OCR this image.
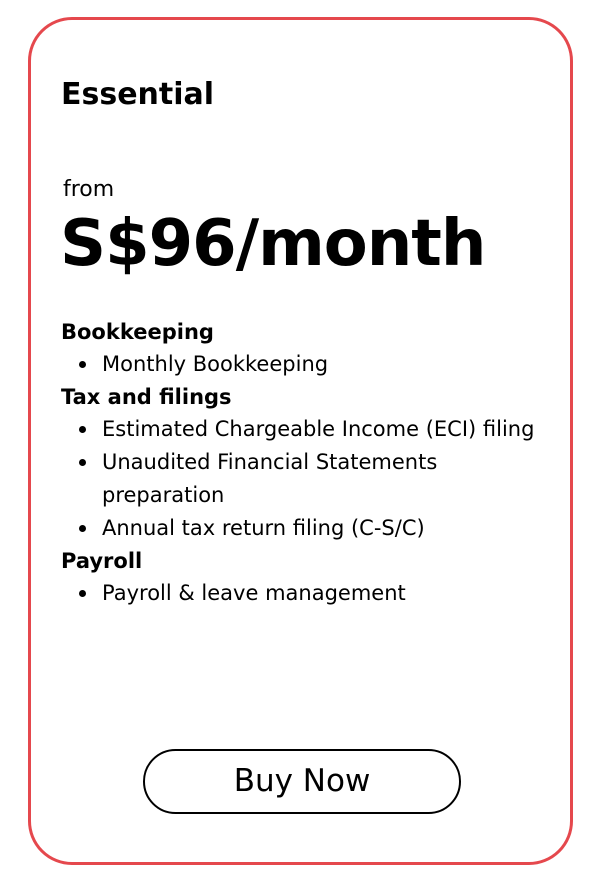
Essential
from
S$96/month
Bookkeeping
Monthly Bookkeeping
Tax and filings
Estimated Chargeable Income (ECI) filing
Unaudited Financial Statements preparation
Annual tax return filing (C-S/C)
Payroll
Payroll & leave management
Buy Now
